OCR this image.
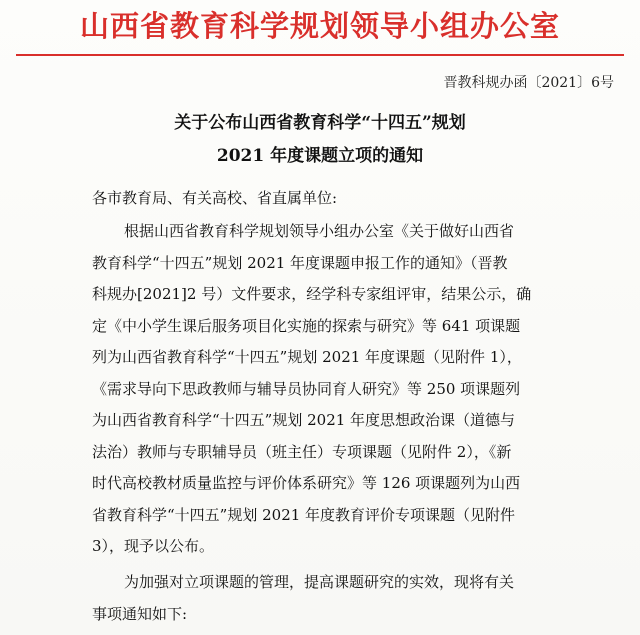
山西省教育科学规划领导小组办公室
晋教科规办函〔2021〕6号
关于公布山西省教育科学“十四五”规划
2021 年度课题立项的通知
各市教育局、有关高校、省直属单位:
根据山西省教育科学规划领导小组办公室《关于做好山西省
教育科学“十四五”规划 2021 年度课题申报工作的通知》（晋教
科规办[2021]2 号）文件要求，经学科专家组评审，结果公示，确
定《中小学生课后服务项目化实施的探索与研究》等 641 项课题
列为山西省教育科学“十四五”规划 2021 年度课题（见附件 1），
《需求导向下思政教师与辅导员协同育人研究》等 250 项课题列
为山西省教育科学“十四五”规划 2021 年度思想政治课（道德与
法治）教师与专职辅导员（班主任）专项课题（见附件 2），《新
时代高校教材质量监控与评价体系研究》等 126 项课题列为山西
省教育科学“十四五”规划 2021 年度教育评价专项课题（见附件
3），现予以公布。
为加强对立项课题的管理，提高课题研究的实效，现将有关
事项通知如下:
